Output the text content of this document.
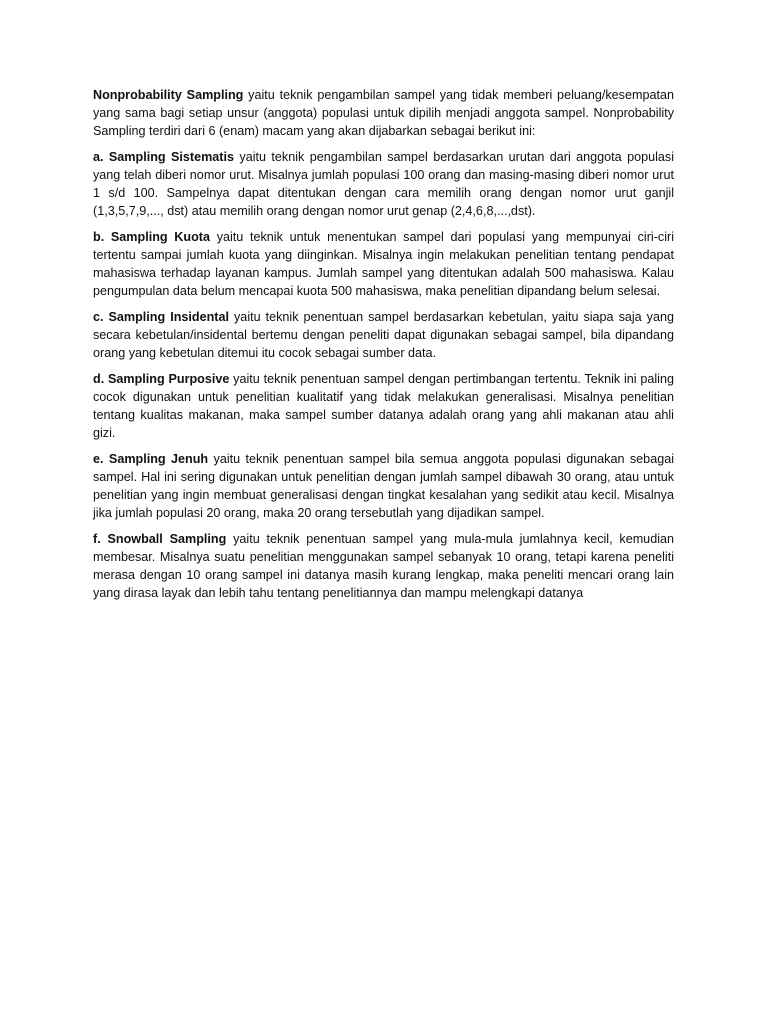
Nonprobability Sampling yaitu teknik pengambilan sampel yang tidak memberi peluang/kesempatan yang sama bagi setiap unsur (anggota) populasi untuk dipilih menjadi anggota sampel. Nonprobability Sampling terdiri dari 6 (enam) macam yang akan dijabarkan sebagai berikut ini:

a. Sampling Sistematis yaitu teknik pengambilan sampel berdasarkan urutan dari anggota populasi yang telah diberi nomor urut. Misalnya jumlah populasi 100 orang dan masing-masing diberi nomor urut 1 s/d 100. Sampelnya dapat ditentukan dengan cara memilih orang dengan nomor urut ganjil (1,3,5,7,9,..., dst) atau memilih orang dengan nomor urut genap (2,4,6,8,...,dst).

b. Sampling Kuota yaitu teknik untuk menentukan sampel dari populasi yang mempunyai ciri-ciri tertentu sampai jumlah kuota yang diinginkan. Misalnya ingin melakukan penelitian tentang pendapat mahasiswa terhadap layanan kampus. Jumlah sampel yang ditentukan adalah 500 mahasiswa. Kalau pengumpulan data belum mencapai kuota 500 mahasiswa, maka penelitian dipandang belum selesai.

c. Sampling Insidental yaitu teknik penentuan sampel berdasarkan kebetulan, yaitu siapa saja yang secara kebetulan/insidental bertemu dengan peneliti dapat digunakan sebagai sampel, bila dipandang orang yang kebetulan ditemui itu cocok sebagai sumber data.

d. Sampling Purposive yaitu teknik penentuan sampel dengan pertimbangan tertentu. Teknik ini paling cocok digunakan untuk penelitian kualitatif yang tidak melakukan generalisasi. Misalnya penelitian tentang kualitas makanan, maka sampel sumber datanya adalah orang yang ahli makanan atau ahli gizi.

e. Sampling Jenuh yaitu teknik penentuan sampel bila semua anggota populasi digunakan sebagai sampel. Hal ini sering digunakan untuk penelitian dengan jumlah sampel dibawah 30 orang, atau untuk penelitian yang ingin membuat generalisasi dengan tingkat kesalahan yang sedikit atau kecil. Misalnya jika jumlah populasi 20 orang, maka 20 orang tersebutlah yang dijadikan sampel.

f. Snowball Sampling yaitu teknik penentuan sampel yang mula-mula jumlahnya kecil, kemudian membesar. Misalnya suatu penelitian menggunakan sampel sebanyak 10 orang, tetapi karena peneliti merasa dengan 10 orang sampel ini datanya masih kurang lengkap, maka peneliti mencari orang lain yang dirasa layak dan lebih tahu tentang penelitiannya dan mampu melengkapi datanya
